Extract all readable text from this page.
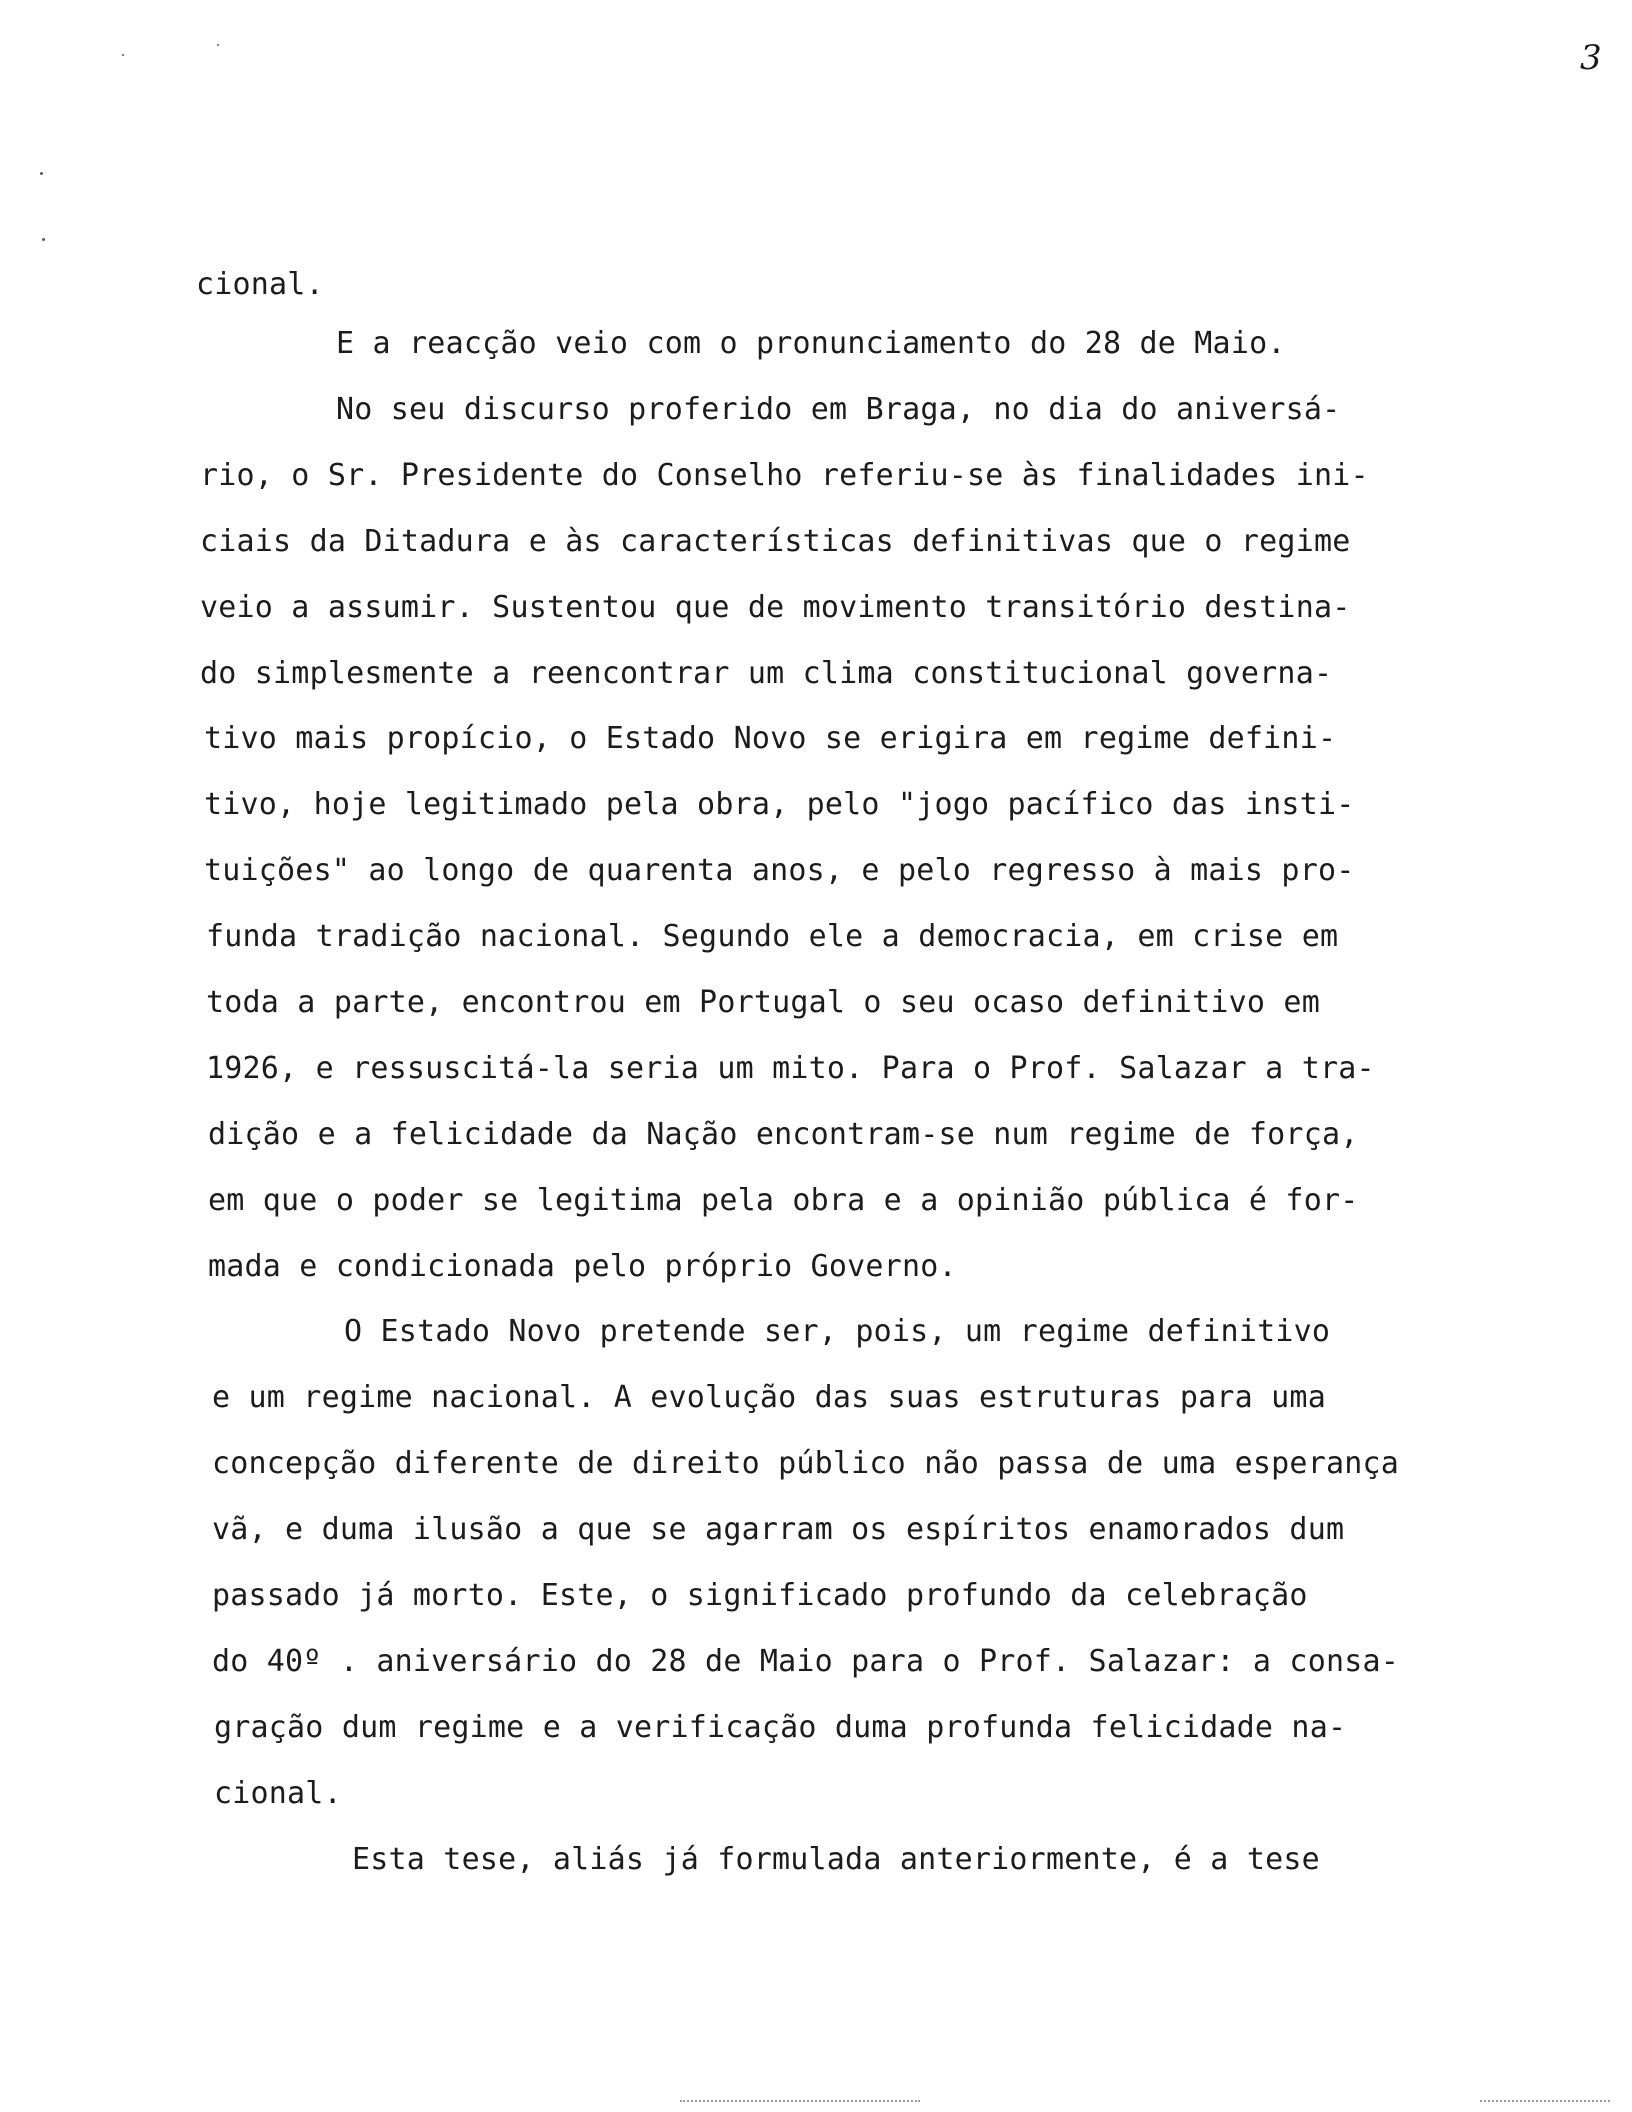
3
cional.
E a reacção veio com o pronunciamento do 28 de Maio.
No seu discurso proferido em Braga, no dia do aniversá-
rio, o Sr. Presidente do Conselho referiu-se às finalidades ini-
ciais da Ditadura e às características definitivas que o regime
veio a assumir. Sustentou que de movimento transitório destina-
do simplesmente a reencontrar um clima constitucional governa-
tivo mais propício, o Estado Novo se erigira em regime defini-
tivo, hoje legitimado pela obra, pelo "jogo pacífico das insti-
tuições" ao longo de quarenta anos, e pelo regresso à mais pro-
funda tradição nacional. Segundo ele a democracia, em crise em
toda a parte, encontrou em Portugal o seu ocaso definitivo em
1926, e ressuscitá-la seria um mito. Para o Prof. Salazar a tra-
dição e a felicidade da Nação encontram-se num regime de força,
em que o poder se legitima pela obra e a opinião pública é for-
mada e condicionada pelo próprio Governo.
O Estado Novo pretende ser, pois, um regime definitivo
e um regime nacional. A evolução das suas estruturas para uma
concepção diferente de direito público não passa de uma esperança
vã, e duma ilusão a que se agarram os espíritos enamorados dum
passado já morto. Este, o significado profundo da celebração
do 40º . aniversário do 28 de Maio para o Prof. Salazar: a consa-
gração dum regime e a verificação duma profunda felicidade na-
cional.
Esta tese, aliás já formulada anteriormente, é a tese
